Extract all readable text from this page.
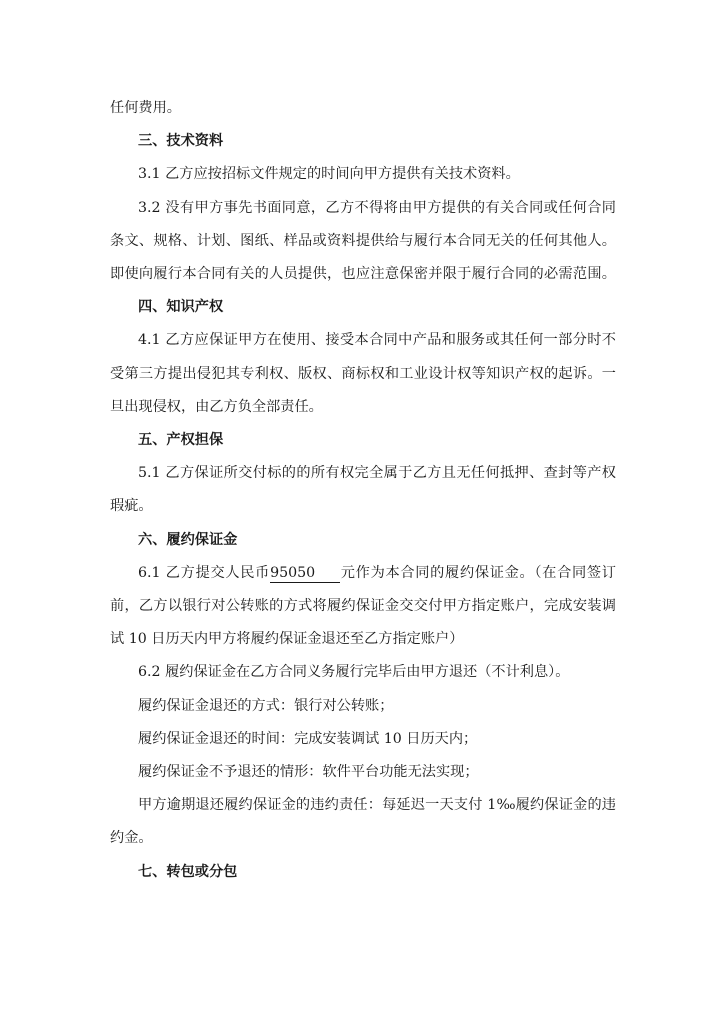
任何费用。
三、技术资料
3.1 乙方应按招标文件规定的时间向甲方提供有关技术资料。
3.2 没有甲方事先书面同意，乙方不得将由甲方提供的有关合同或任何合同
条文、规格、计划、图纸、样品或资料提供给与履行本合同无关的任何其他人。
即使向履行本合同有关的人员提供，也应注意保密并限于履行合同的必需范围。
四、知识产权
4.1 乙方应保证甲方在使用、接受本合同中产品和服务或其任何一部分时不
受第三方提出侵犯其专利权、版权、商标权和工业设计权等知识产权的起诉。一
旦出现侵权，由乙方负全部责任。
五、产权担保
5.1 乙方保证所交付标的的所有权完全属于乙方且无任何抵押、查封等产权
瑕疵。
六、履约保证金
6.1 乙方提交人民币95050 元作为本合同的履约保证金。（在合同签订
前，乙方以银行对公转账的方式将履约保证金交交付甲方指定账户，完成安装调
试 10 日历天内甲方将履约保证金退还至乙方指定账户）
6.2 履约保证金在乙方合同义务履行完毕后由甲方退还（不计利息）。
履约保证金退还的方式：银行对公转账；
履约保证金退还的时间：完成安装调试 10 日历天内；
履约保证金不予退还的情形：软件平台功能无法实现；
甲方逾期退还履约保证金的违约责任：每延迟一天支付 1‰履约保证金的违
约金。
七、转包或分包
